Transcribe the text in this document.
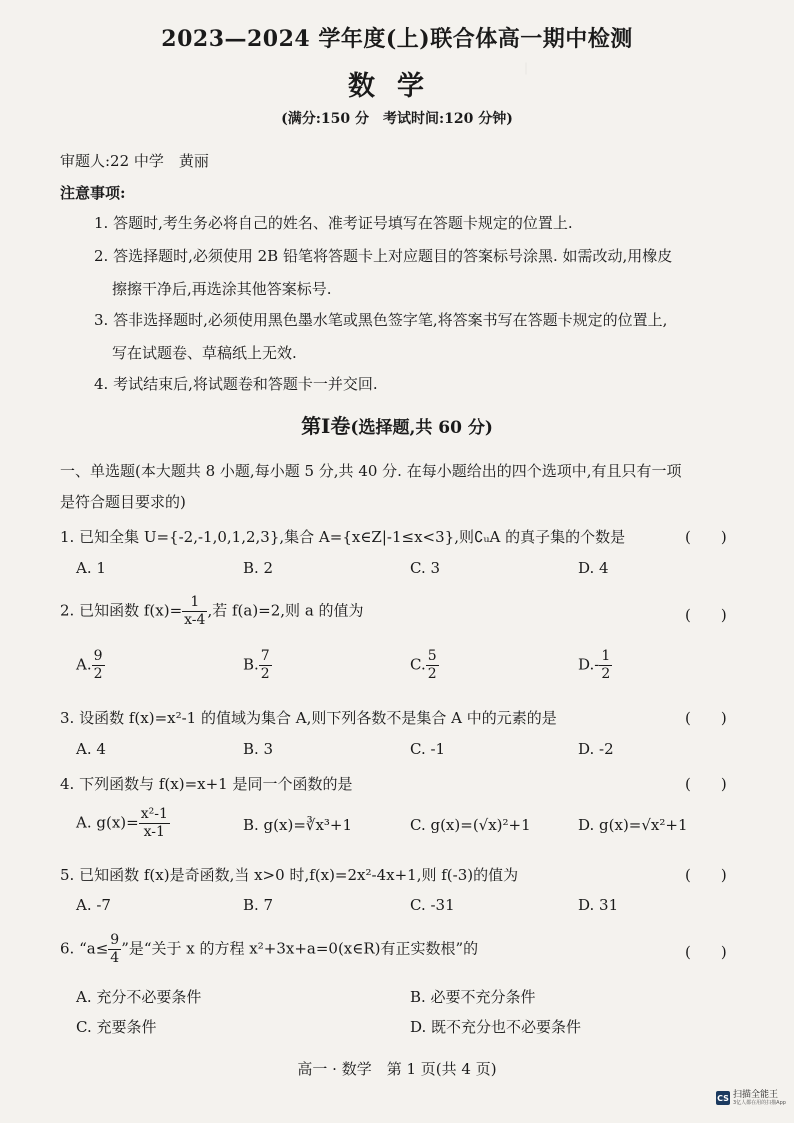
｜　　　　　　　　　
2023—2024 学年度(上)联合体高一期中检测
数学
(满分:150 分　考试时间:120 分钟)
审题人:22 中学　黄丽
注意事项:
1. 答题时,考生务必将自己的姓名、准考证号填写在答题卡规定的位置上.
2. 答选择题时,必须使用 2B 铅笔将答题卡上对应题目的答案标号涂黑. 如需改动,用橡皮
擦擦干净后,再选涂其他答案标号.
3. 答非选择题时,必须使用黑色墨水笔或黑色签字笔,将答案书写在答题卡规定的位置上,
写在试题卷、草稿纸上无效.
4. 考试结束后,将试题卷和答题卡一并交回.
第Ⅰ卷(选择题,共 60 分)
一、单选题(本大题共 8 小题,每小题 5 分,共 40 分. 在每小题给出的四个选项中,有且只有一项
是符合题目要求的)
1. 已知全集 U={-2,-1,0,1,2,3},集合 A={x∈Z|-1≤x<3},则∁ᵤA 的真子集的个数是	(　　)
A. 1	B. 2	C. 3	D. 4
2. 已知函数 $f(x)= \frac{1}{x-4}$ ,若 f(a)=2,则 a 的值为	(　　)
A. $\frac{9}{2}$	B. $\frac{7}{2}$	C. $\frac{5}{2}$	$D.- \frac{1}{2}$
3. 设函数 f(x)=x²-1 的值域为集合 A,则下列各数不是集合 A 中的元素的是	(　　)
A. 4	B. 3	C. -1	D. -2
4. 下列函数与 f(x)=x+1 是同一个函数的是	(　　)
A. $g(x)= \frac{\text{x²-1}}{x-1}$	B. g(x)=∛x³+1	C. g(x)=(√x)²+1	D. g(x)=√x²+1
5. 已知函数 f(x)是奇函数,当 x>0 时,f(x)=2x²-4x+1,则 f(-3)的值为	(　　)
A. -7	B. 7	C. -31	D. 31
6. “$a\le \frac{9}{4}$ ”是“关于 x 的方程 x²+3x+a=0(x∈R)有正实数根”的	(　　)
A. 充分不必要条件	B. 必要不充分条件
C. 充要条件	D. 既不充分也不必要条件
高一 · 数学　第 1 页(共 4 页)
CS 扫描全能王
3亿人都在用的扫描App
